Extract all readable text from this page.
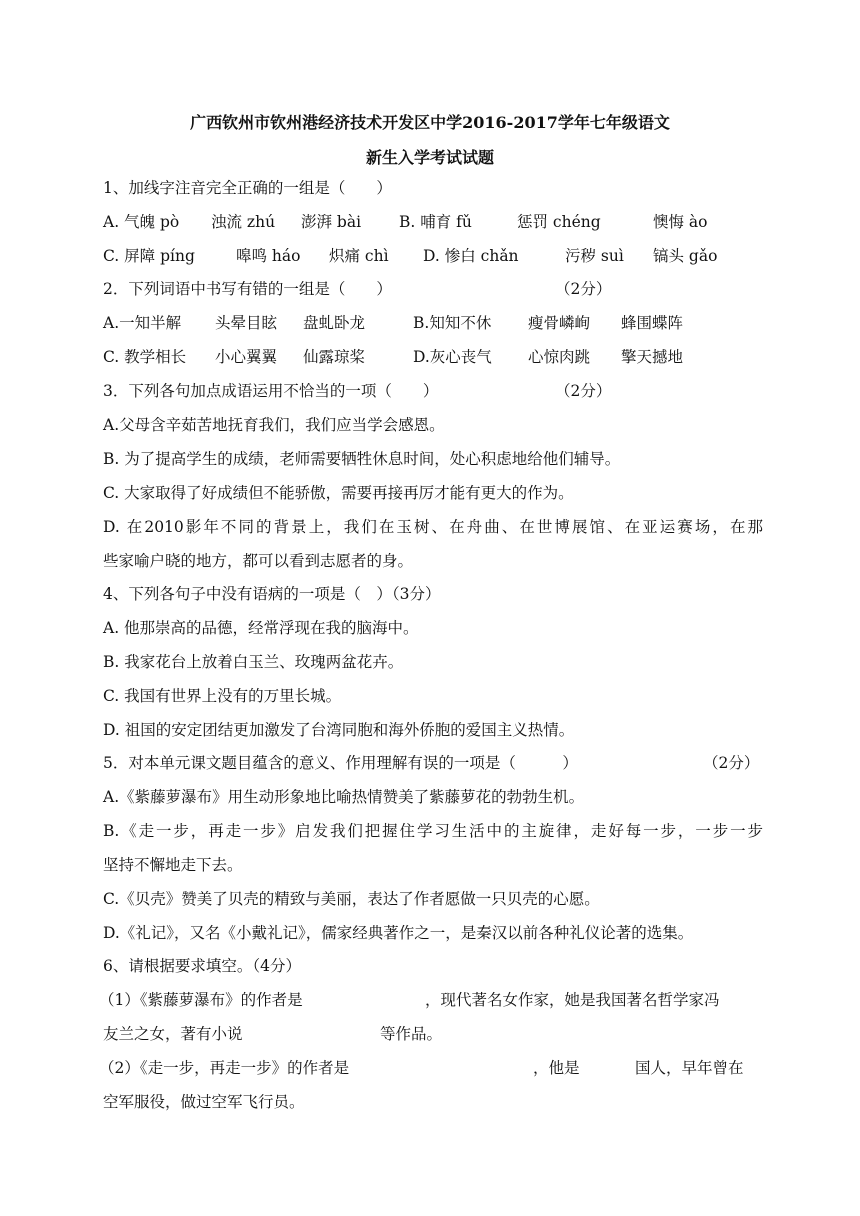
广西钦州市钦州港经济技术开发区中学2016-2017学年七年级语文
新生入学考试试题
1、加线字注音完全正确的一组是（　　）
A. 气魄 pò 浊流 zhú 澎湃 bài B. 哺育 fǔ	惩罚 chéng	懊悔 ào
C. 屏障 píng	嗥鸣 háo 炽痛 chì D. 惨白 chǎn	污秽 suì 镐头 gǎo
2．下列词语中书写有错的一组是（　　）	（2分）
A.一知半解 头晕目眩 盘虬卧龙	B.知知不休 瘦骨嶙峋 蜂围蝶阵
C. 教学相长 小心翼翼 仙露琼桨	D.灰心丧气 心惊肉跳 擎天撼地
3．下列各句加点成语运用不恰当的一项（　　）	（2分）
A.父母含辛茹苦地抚育我们，我们应当学会感恩。
B. 为了提高学生的成绩，老师需要牺牲休息时间，处心积虑地给他们辅导。
C. 大家取得了好成绩但不能骄傲，需要再接再厉才能有更大的作为。
D. 在2010影年不同的背景上，我们在玉树、在舟曲、在世博展馆、在亚运赛场，在那
些家喻户晓的地方，都可以看到志愿者的身。
4、下列各句子中没有语病的一项是（　）（3分）
A. 他那崇高的品德，经常浮现在我的脑海中。
B. 我家花台上放着白玉兰、玫瑰两盆花卉。
C. 我国有世界上没有的万里长城。
D. 祖国的安定团结更加激发了台湾同胞和海外侨胞的爱国主义热情。
5．对本单元课文题目蕴含的意义、作用理解有误的一项是（　　　）	（2分）
A.《紫藤萝瀑布》用生动形象地比喻热情赞美了紫藤萝花的勃勃生机。
B.《走一步，再走一步》启发我们把握住学习生活中的主旋律，走好每一步，一步一步
坚持不懈地走下去。
C.《贝壳》赞美了贝壳的精致与美丽，表达了作者愿做一只贝壳的心愿。
D.《礼记》，又名《小戴礼记》，儒家经典著作之一，是秦汉以前各种礼仪论著的选集。
6、请根据要求填空。（4分）
（1）《紫藤萝瀑布》的作者是	，现代著名女作家，她是我国著名哲学家冯
友兰之女，著有小说	等作品。
（2）《走一步，再走一步》的作者是	，他是	国人，早年曾在
空军服役，做过空军飞行员。
